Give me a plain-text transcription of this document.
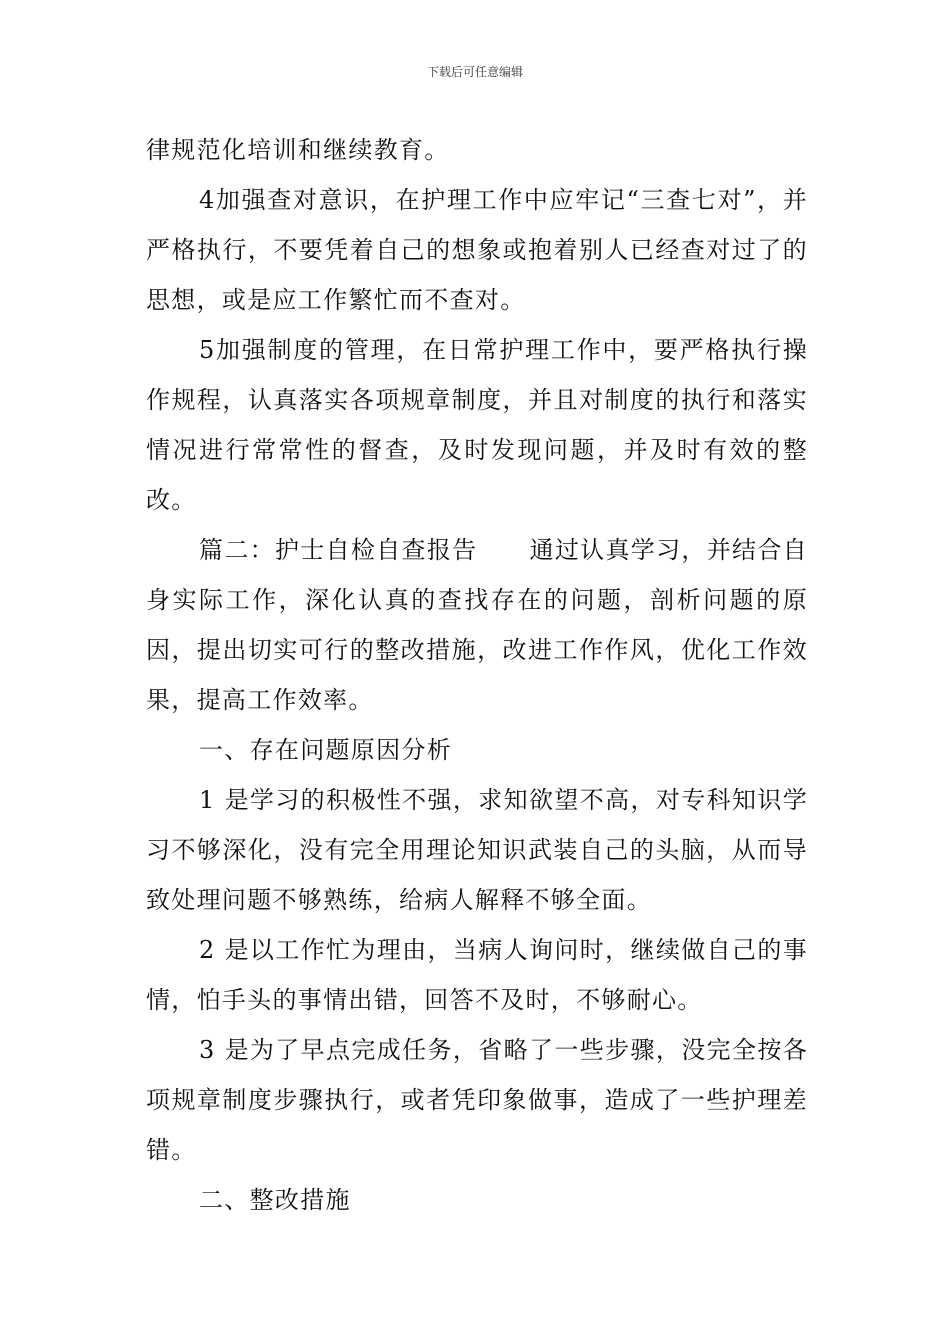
下载后可任意编辑

律规范化培训和继续教育。

4加强查对意识，在护理工作中应牢记“三查七对”，并严格执行，不要凭着自己的想象或抱着别人已经查对过了的思想，或是应工作繁忙而不查对。

5加强制度的管理，在日常护理工作中，要严格执行操作规程，认真落实各项规章制度，并且对制度的执行和落实情况进行常常性的督查，及时发现问题，并及时有效的整改。

篇二：护士自检自查报告 通过认真学习，并结合自身实际工作，深化认真的查找存在的问题，剖析问题的原因，提出切实可行的整改措施，改进工作作风，优化工作效果，提高工作效率。

一、存在问题原因分析

1 是学习的积极性不强，求知欲望不高，对专科知识学习不够深化，没有完全用理论知识武装自己的头脑，从而导致处理问题不够熟练，给病人解释不够全面。

2 是以工作忙为理由，当病人询问时，继续做自己的事情，怕手头的事情出错，回答不及时，不够耐心。

3 是为了早点完成任务，省略了一些步骤，没完全按各项规章制度步骤执行，或者凭印象做事，造成了一些护理差错。

二、整改措施
